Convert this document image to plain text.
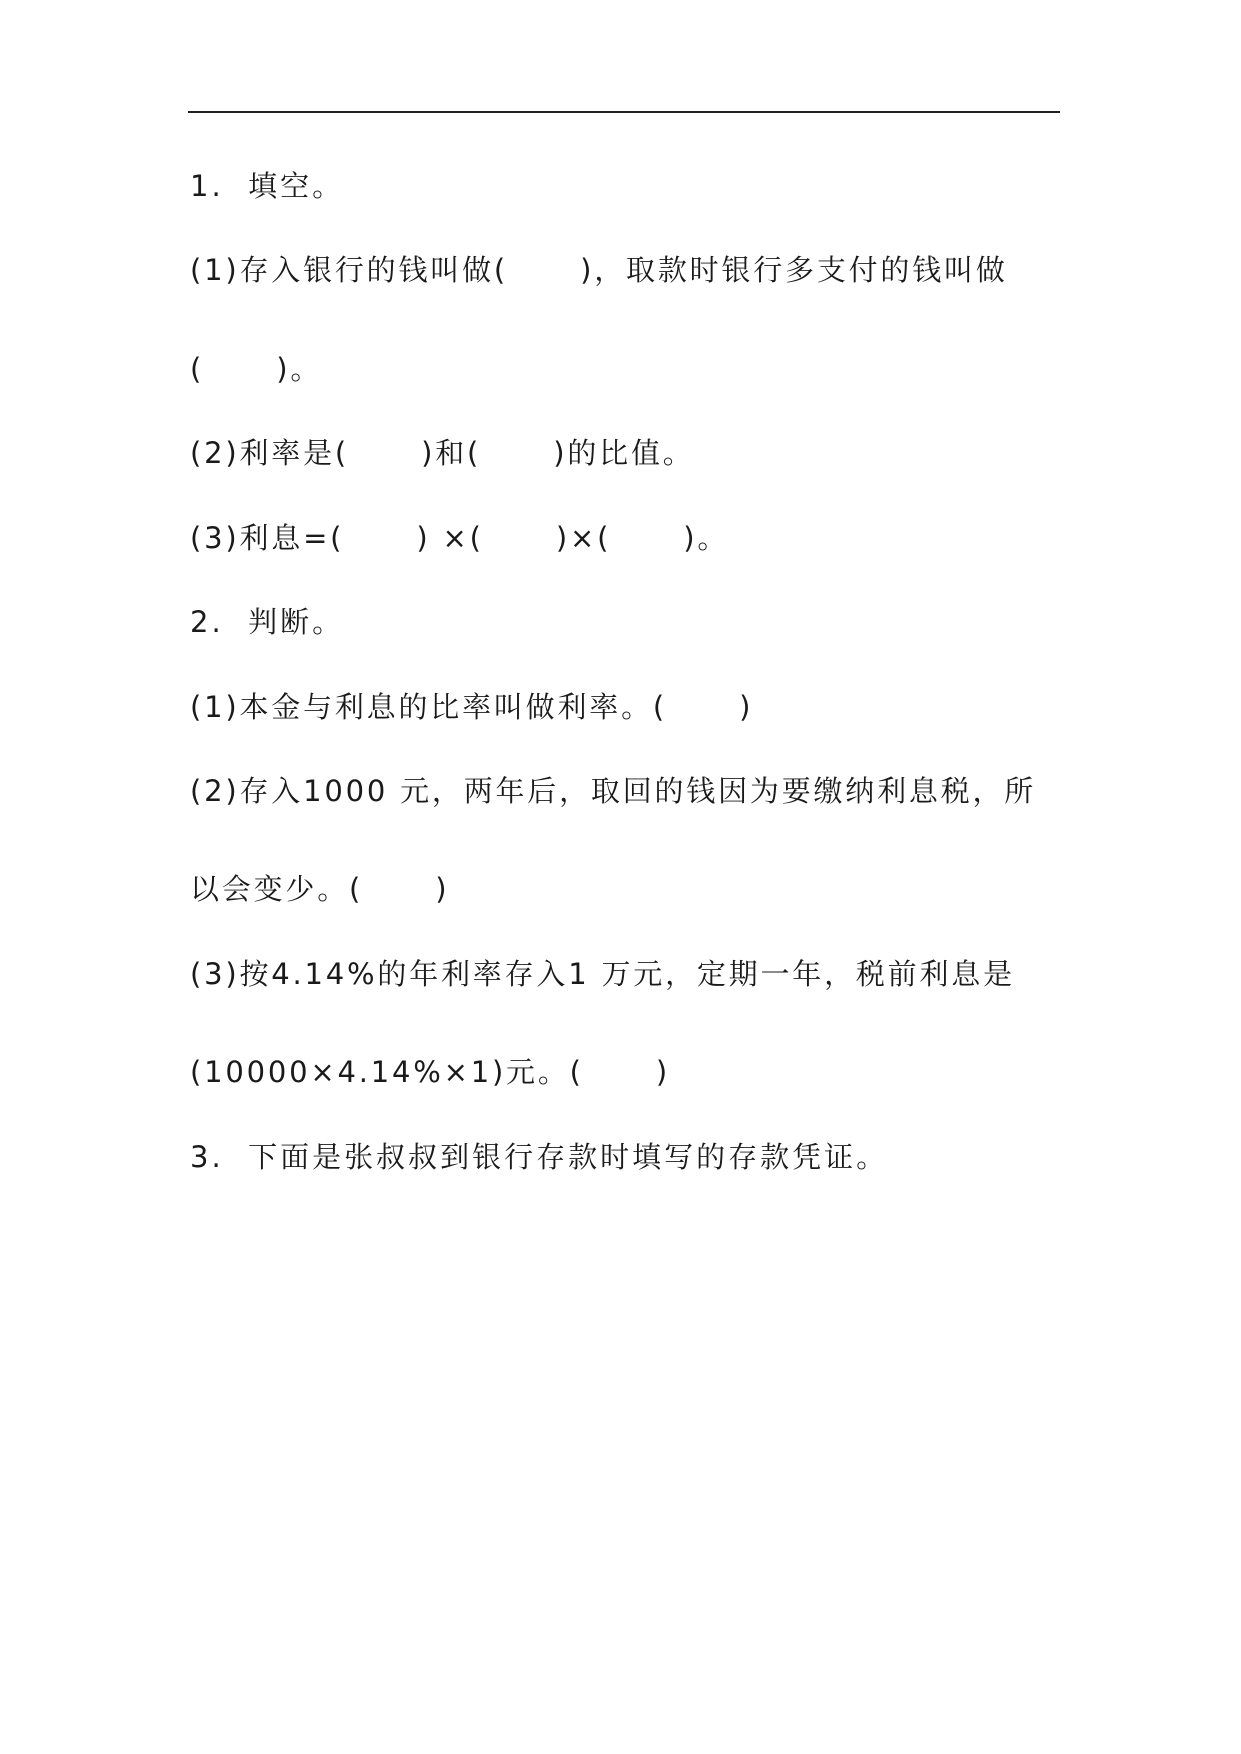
1.  填空。
(1)存入银行的钱叫做(      )，取款时银行多支付的钱叫做
(      )。
(2)利率是(      )和(      )的比值。
(3)利息=(      ) ×(      )×(      )。
2.  判断。
(1)本金与利息的比率叫做利率。(      )
(2)存入1000 元，两年后，取回的钱因为要缴纳利息税，所
以会变少。(      )
(3)按4.14%的年利率存入1 万元，定期一年，税前利息是
(10000×4.14%×1)元。(      )
3.  下面是张叔叔到银行存款时填写的存款凭证。
